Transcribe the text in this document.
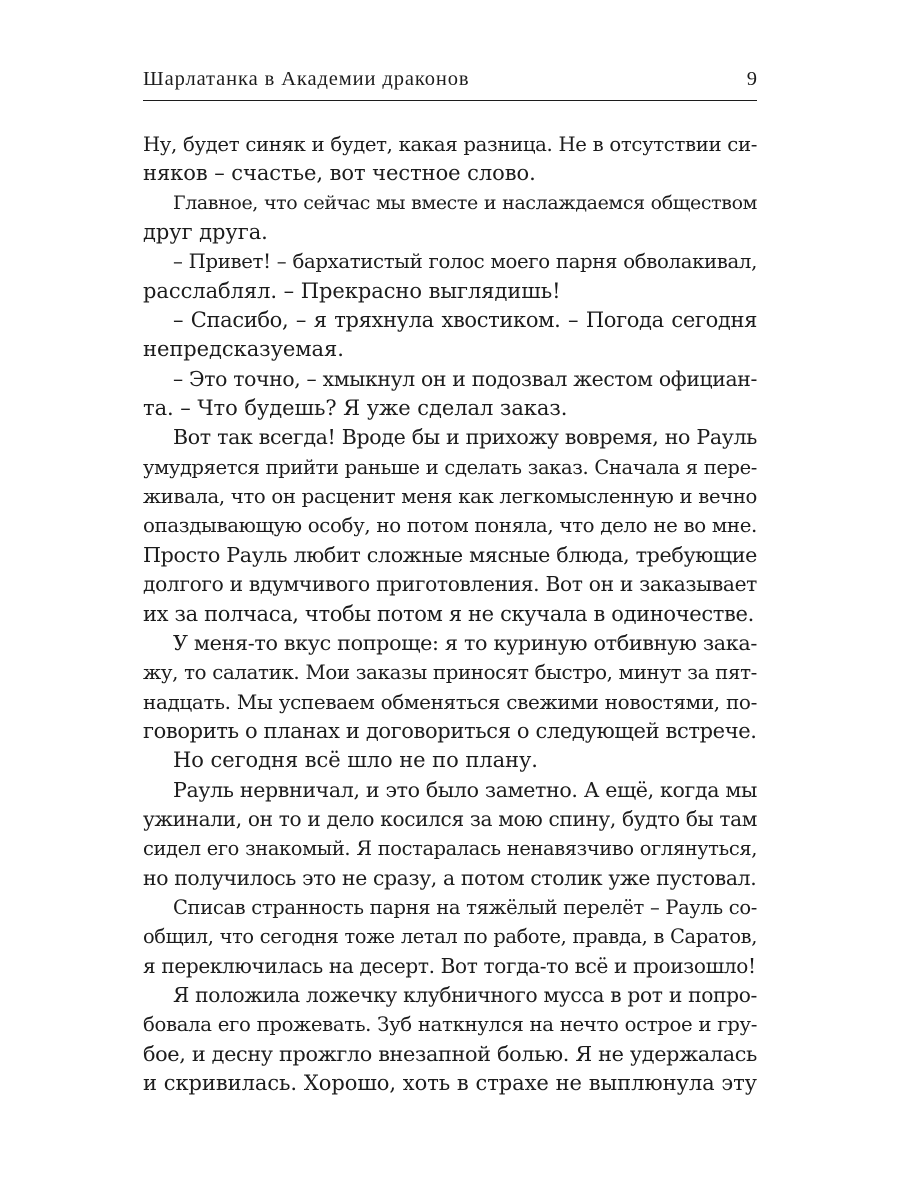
Шарлатанка в Академии драконов	9
Ну, будет синяк и будет, какая разница. Не в отсутствии си-
няков – счастье, вот честное слово.
Главное, что сейчас мы вместе и наслаждаемся обществом
друг друга.
– Привет! – бархатистый голос моего парня обволакивал,
расслаблял. – Прекрасно выглядишь!
– Спасибо, – я тряхнула хвостиком. – Погода сегодня
непредсказуемая.
– Это точно, – хмыкнул он и подозвал жестом официан-
та. – Что будешь? Я уже сделал заказ.
Вот так всегда! Вроде бы и прихожу вовремя, но Рауль
умудряется прийти раньше и сделать заказ. Сначала я пере-
живала, что он расценит меня как легкомысленную и вечно
опаздывающую особу, но потом поняла, что дело не во мне.
Просто Рауль любит сложные мясные блюда, требующие
долгого и вдумчивого приготовления. Вот он и заказывает
их за полчаса, чтобы потом я не скучала в одиночестве.
У меня-то вкус попроще: я то куриную отбивную зака-
жу, то салатик. Мои заказы приносят быстро, минут за пят-
надцать. Мы успеваем обменяться свежими новостями, по-
говорить о планах и договориться о следующей встрече.
Но сегодня всё шло не по плану.
Рауль нервничал, и это было заметно. А ещё, когда мы
ужинали, он то и дело косился за мою спину, будто бы там
сидел его знакомый. Я постаралась ненавязчиво оглянуться,
но получилось это не сразу, а потом столик уже пустовал.
Списав странность парня на тяжёлый перелёт – Рауль со-
общил, что сегодня тоже летал по работе, правда, в Саратов,
я переключилась на десерт. Вот тогда-то всё и произошло!
Я положила ложечку клубничного мусса в рот и попро-
бовала его прожевать. Зуб наткнулся на нечто острое и гру-
бое, и десну прожгло внезапной болью. Я не удержалась
и скривилась. Хорошо, хоть в страхе не выплюнула эту
